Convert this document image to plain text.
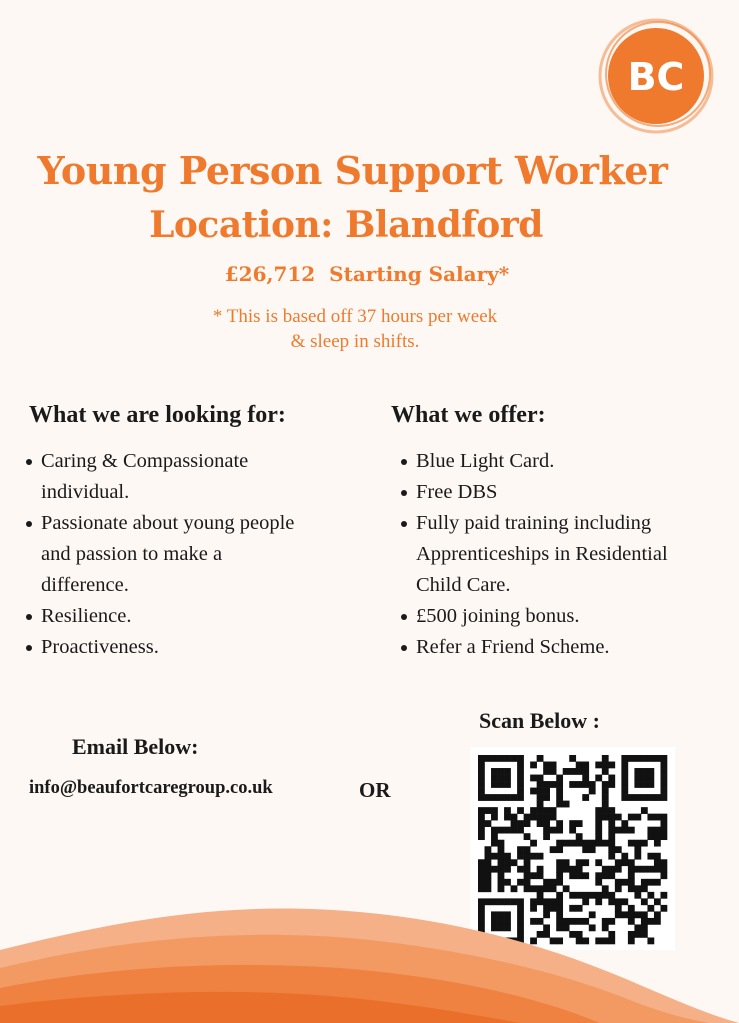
BC
Young Person Support Worker
Location: Blandford
£26,712  Starting Salary*
* This is based off 37 hours per week
& sleep in shifts.
What we are looking for:
Caring & Compassionate
individual.
Passionate about young people
and passion to make a
difference.
Resilience.
Proactiveness.
What we offer:
Blue Light Card.
Free DBS
Fully paid training including
Apprenticeships in Residential
Child Care.
£500 joining bonus.
Refer a Friend Scheme.
Email Below:
info@beaufortcaregroup.co.uk	OR
Scan Below :
